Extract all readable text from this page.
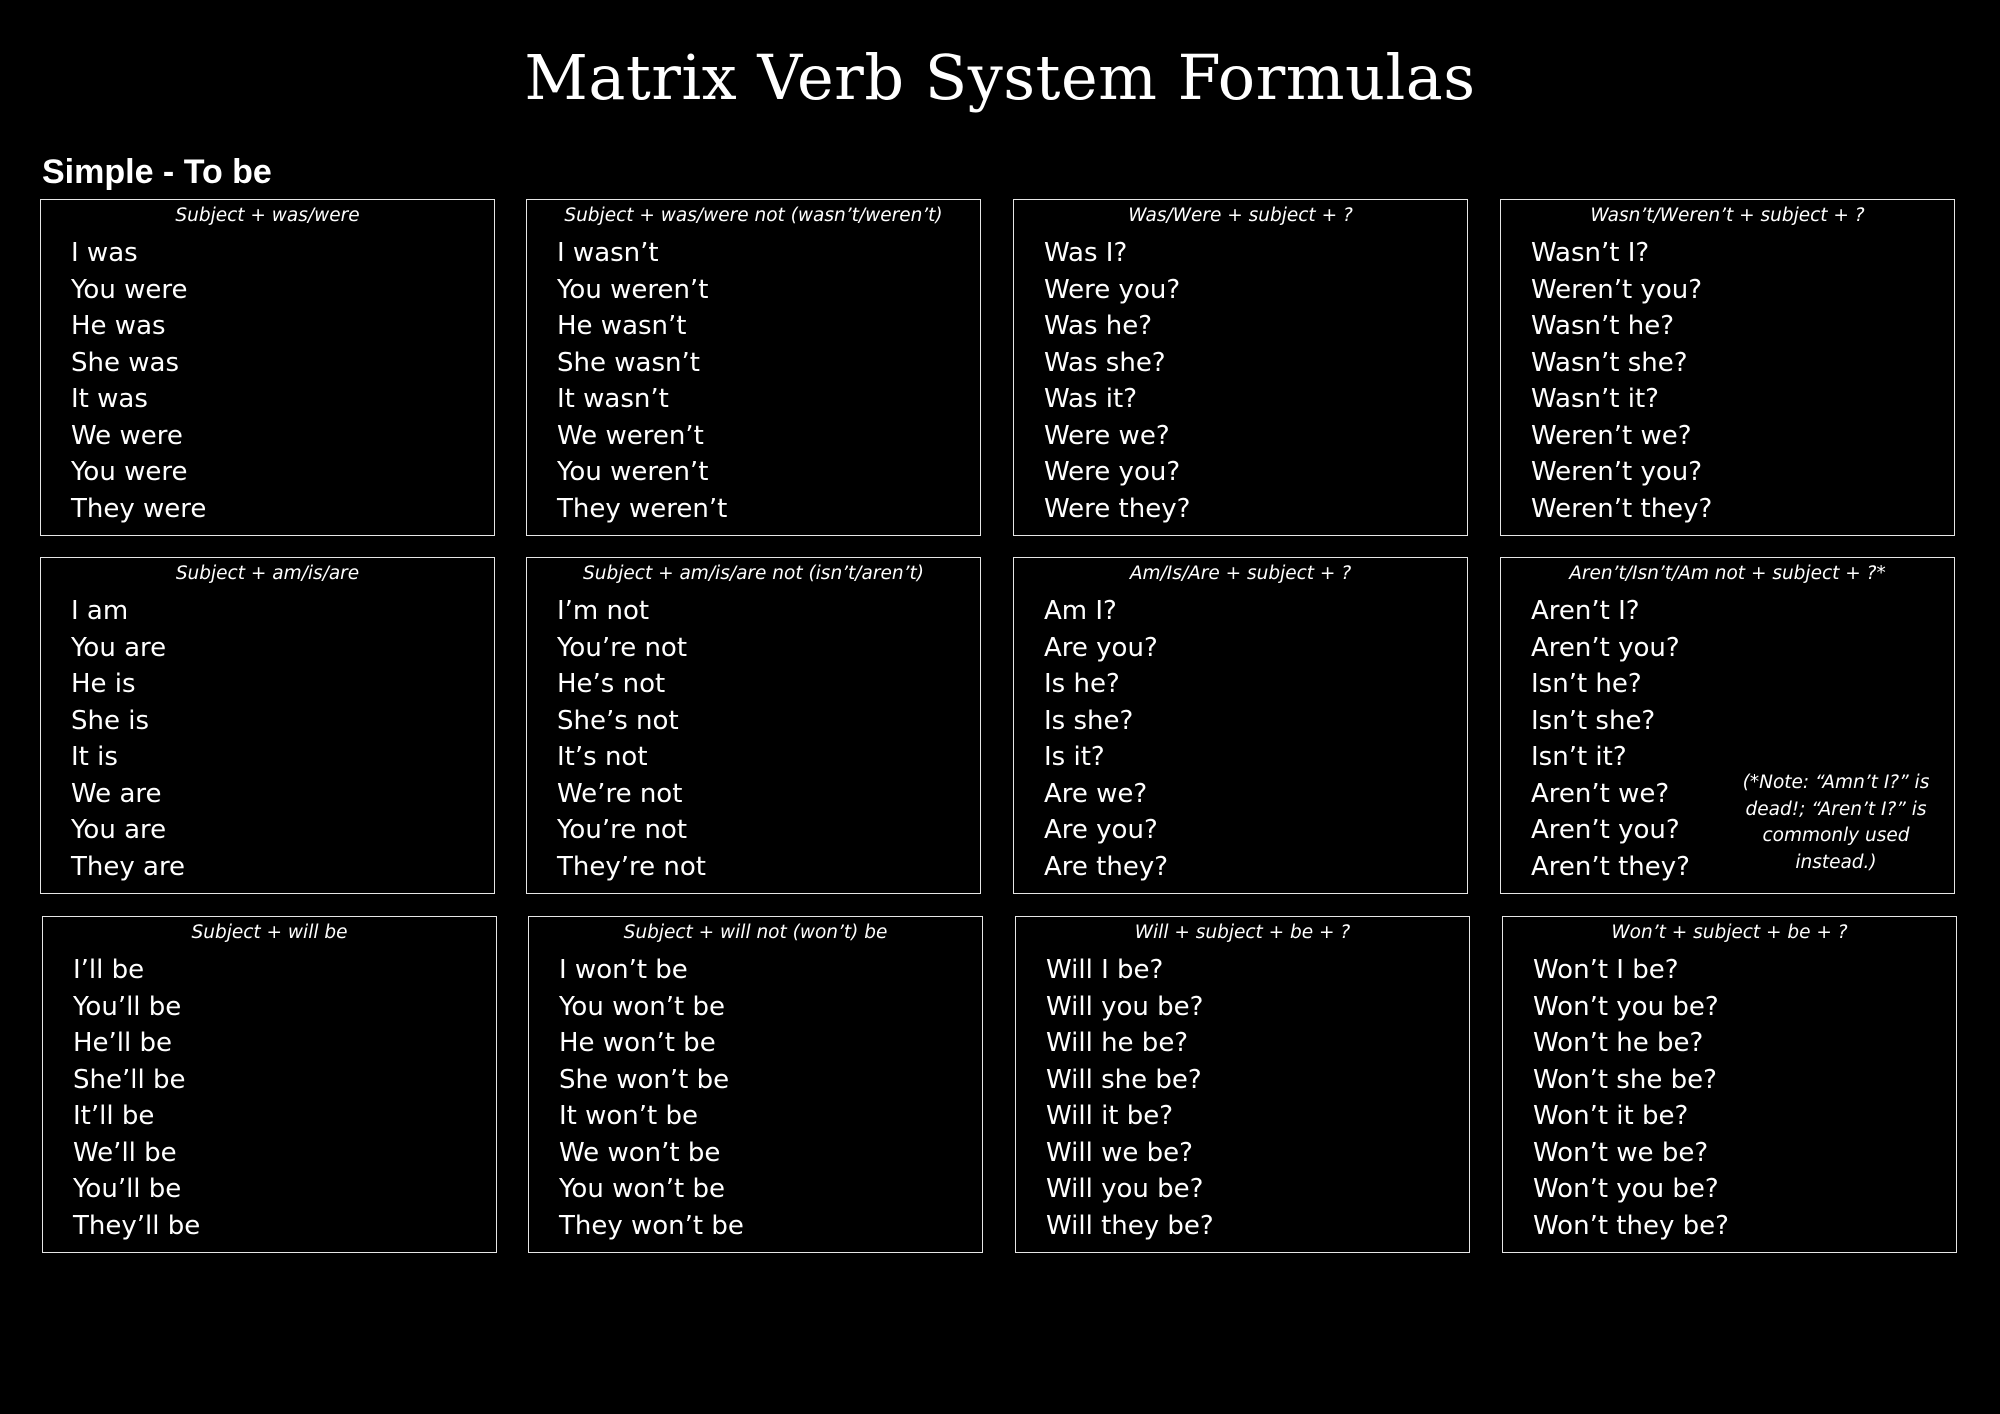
Matrix Verb System Formulas
Simple - To be
Subject + was/were
I was
You were
He was
She was
It was
We were
You were
They were
Subject + was/were not (wasn’t/weren’t)
I wasn’t
You weren’t
He wasn’t
She wasn’t
It wasn’t
We weren’t
You weren’t
They weren’t
Was/Were + subject + ?
Was I?
Were you?
Was he?
Was she?
Was it?
Were we?
Were you?
Were they?
Wasn’t/Weren’t + subject + ?
Wasn’t I?
Weren’t you?
Wasn’t he?
Wasn’t she?
Wasn’t it?
Weren’t we?
Weren’t you?
Weren’t they?
Subject + am/is/are
I am
You are
He is
She is
It is
We are
You are
They are
Subject + am/is/are not (isn’t/aren’t)
I’m not
You’re not
He’s not
She’s not
It’s not
We’re not
You’re not
They’re not
Am/Is/Are + subject + ?
Am I?
Are you?
Is he?
Is she?
Is it?
Are we?
Are you?
Are they?
Aren’t/Isn’t/Am not + subject + ?*
Aren’t I?
Aren’t you?
Isn’t he?
Isn’t she?
Isn’t it?
Aren’t we?
Aren’t you?
Aren’t they?
(*Note: “Amn’t I?” is dead!; “Aren’t I?” is commonly used instead.)
Subject + will be
I’ll be
You’ll be
He’ll be
She’ll be
It’ll be
We’ll be
You’ll be
They’ll be
Subject + will not (won’t) be
I won’t be
You won’t be
He won’t be
She won’t be
It won’t be
We won’t be
You won’t be
They won’t be
Will + subject + be + ?
Will I be?
Will you be?
Will he be?
Will she be?
Will it be?
Will we be?
Will you be?
Will they be?
Won’t + subject + be + ?
Won’t I be?
Won’t you be?
Won’t he be?
Won’t she be?
Won’t it be?
Won’t we be?
Won’t you be?
Won’t they be?
